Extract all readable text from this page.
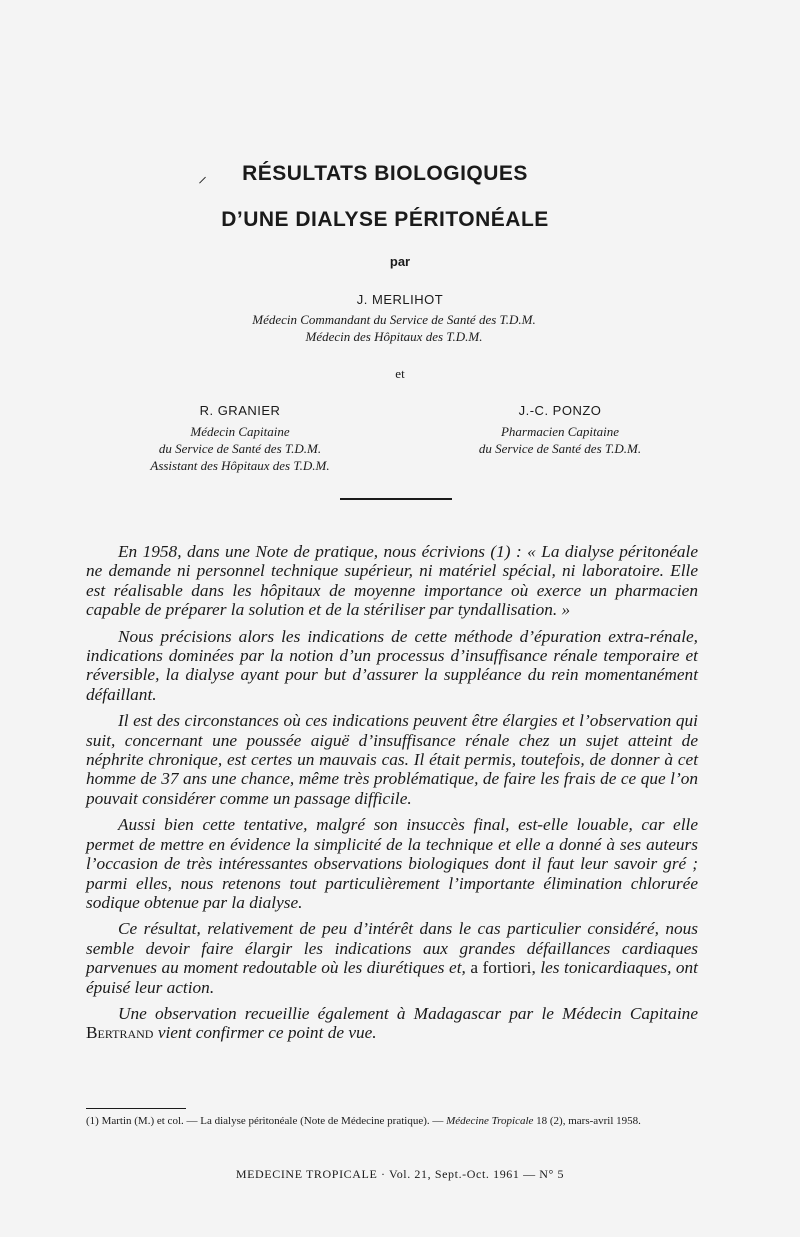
⸝	RÉSULTATS BIOLOGIQUES
D’UNE DIALYSE PÉRITONÉALE
par
J. MERLIHOT
Médecin Commandant du Service de Santé des T.D.M.
Médecin des Hôpitaux des T.D.M.
et
R. GRANIER
Médecin Capitaine
du Service de Santé des T.D.M.
Assistant des Hôpitaux des T.D.M.
J.-C. PONZO
Pharmacien Capitaine
du Service de Santé des T.D.M.

En 1958, dans une Note de pratique, nous écrivions (1) : « La dialyse péritonéale ne demande ni personnel technique supérieur, ni matériel spécial, ni laboratoire. Elle est réalisable dans les hôpitaux de moyenne importance où exerce un pharmacien capable de préparer la solution et de la stériliser par tyndallisation. »

Nous précisions alors les indications de cette méthode d’épuration extra-rénale, indications dominées par la notion d’un processus d’insuffisance rénale temporaire et réversible, la dialyse ayant pour but d’assurer la suppléance du rein momentanément défaillant.

Il est des circonstances où ces indications peuvent être élargies et l’observation qui suit, concernant une poussée aiguë d’insuffisance rénale chez un sujet atteint de néphrite chronique, est certes un mauvais cas. Il était permis, toutefois, de donner à cet homme de 37 ans une chance, même très problématique, de faire les frais de ce que l’on pouvait considérer comme un passage difficile.

Aussi bien cette tentative, malgré son insuccès final, est-elle louable, car elle permet de mettre en évidence la simplicité de la technique et elle a donné à ses auteurs l’occasion de très intéressantes observations biologiques dont il faut leur savoir gré ; parmi elles, nous retenons tout particulièrement l’importante élimination chlorurée sodique obtenue par la dialyse.

Ce résultat, relativement de peu d’intérêt dans le cas particulier considéré, nous semble devoir faire élargir les indications aux grandes défaillances cardiaques parvenues au moment redoutable où les diurétiques et, a fortiori, les tonicardiaques, ont épuisé leur action.

Une observation recueillie également à Madagascar par le Médecin Capitaine Bertrand vient confirmer ce point de vue.

(1) Martin (M.) et col. — La dialyse péritonéale (Note de Médecine pratique). — Médecine Tropicale 18 (2), mars-avril 1958.
MEDECINE TROPICALE · Vol. 21, Sept.-Oct. 1961 — N° 5
